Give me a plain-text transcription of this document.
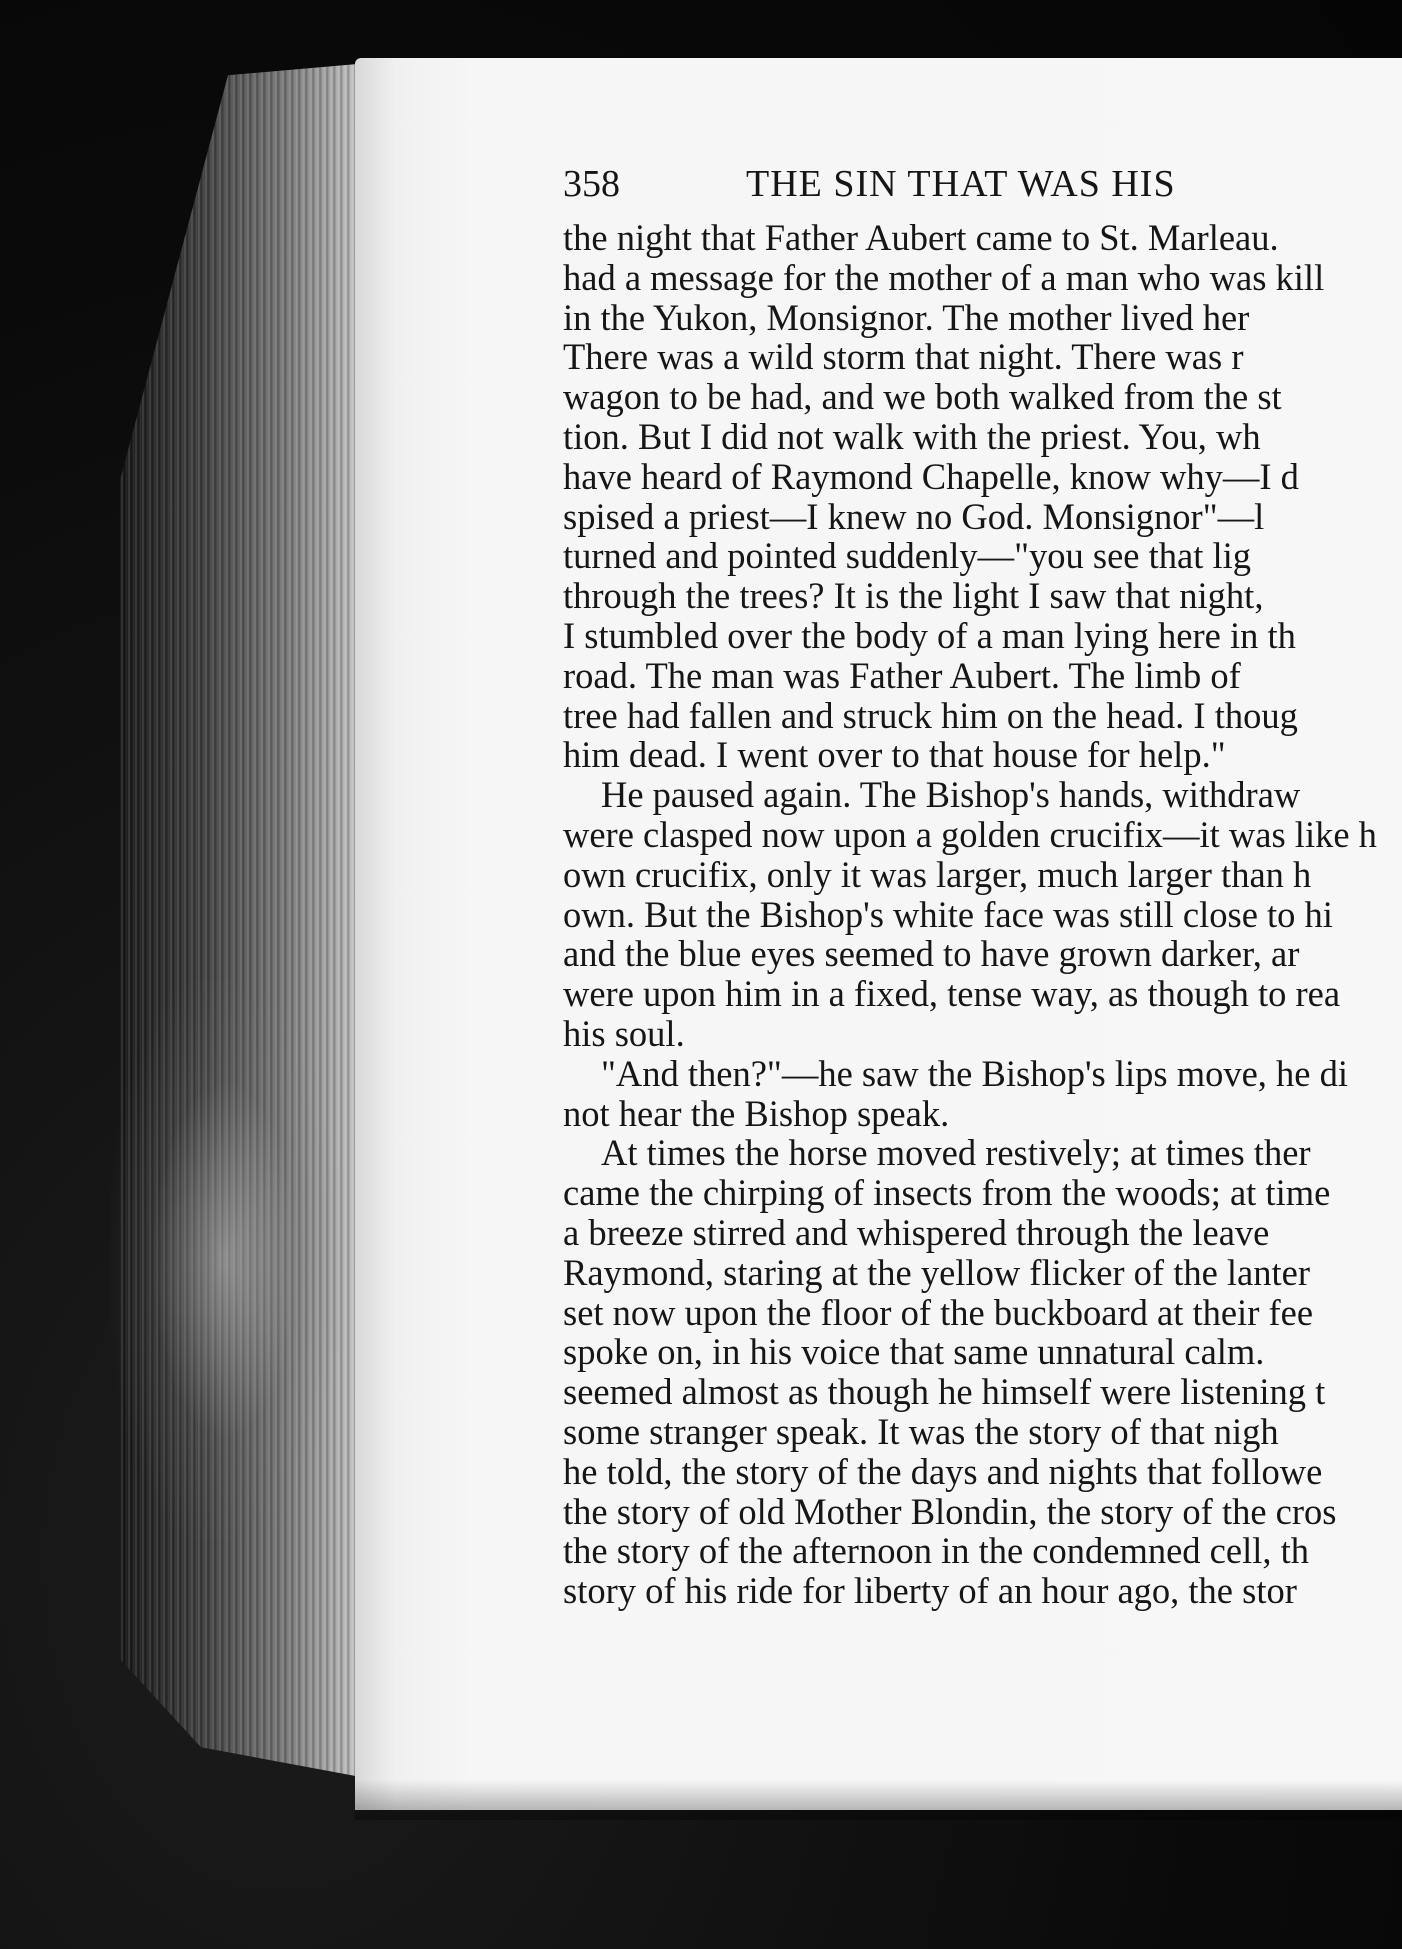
358	THE SIN THAT WAS HIS
the night that Father Aubert came to St. Marleau.
had a message for the mother of a man who was kill
in the Yukon, Monsignor. The mother lived her
There was a wild storm that night. There was r
wagon to be had, and we both walked from the st
tion. But I did not walk with the priest. You, wh
have heard of Raymond Chapelle, know why—I d
spised a priest—I knew no God. Monsignor"—l
turned and pointed suddenly—"you see that lig
through the trees? It is the light I saw that night,
I stumbled over the body of a man lying here in th
road. The man was Father Aubert. The limb of
tree had fallen and struck him on the head. I thoug
him dead. I went over to that house for help."
He paused again. The Bishop's hands, withdraw
were clasped now upon a golden crucifix—it was like h
own crucifix, only it was larger, much larger than h
own. But the Bishop's white face was still close to hi
and the blue eyes seemed to have grown darker, ar
were upon him in a fixed, tense way, as though to rea
his soul.
"And then?"—he saw the Bishop's lips move, he di
not hear the Bishop speak.
At times the horse moved restively; at times ther
came the chirping of insects from the woods; at time
a breeze stirred and whispered through the leave
Raymond, staring at the yellow flicker of the lanter
set now upon the floor of the buckboard at their fee
spoke on, in his voice that same unnatural calm.
seemed almost as though he himself were listening t
some stranger speak. It was the story of that nigh
he told, the story of the days and nights that followe
the story of old Mother Blondin, the story of the cros
the story of the afternoon in the condemned cell, th
story of his ride for liberty of an hour ago, the stor
